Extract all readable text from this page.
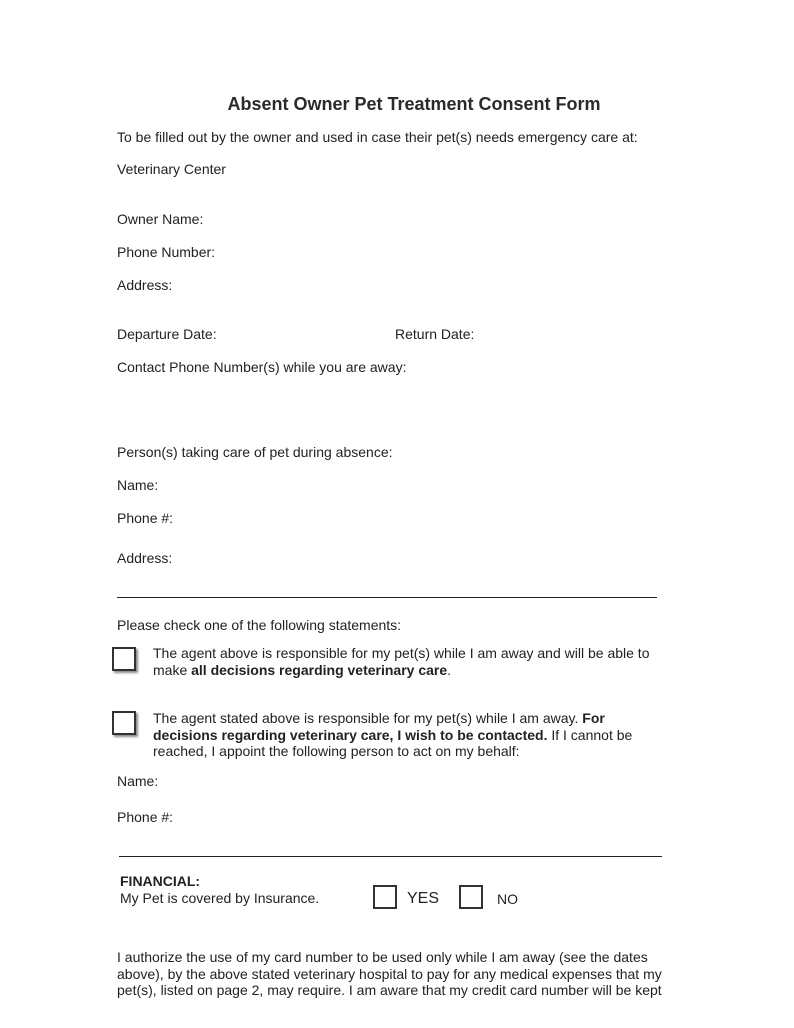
Absent Owner Pet Treatment Consent Form
To be filled out by the owner and used in case their pet(s) needs emergency care at:
Veterinary Center
Owner Name:
Phone Number:
Address:
Departure Date:	Return Date:
Contact Phone Number(s) while you are away:
Person(s) taking care of pet during absence:
Name:
Phone #:
Address:
Please check one of the following statements:
The agent above is responsible for my pet(s) while I am away and will be able to make all decisions regarding veterinary care.
The agent stated above is responsible for my pet(s) while I am away. For decisions regarding veterinary care, I wish to be contacted. If I cannot be reached, I appoint the following person to act on my behalf:
Name:
Phone #:
FINANCIAL:
My Pet is covered by Insurance.	YES	NO
I authorize the use of my card number to be used only while I am away (see the dates above), by the above stated veterinary hospital to pay for any medical expenses that my pet(s), listed on page 2, may require. I am aware that my credit card number will be kept
